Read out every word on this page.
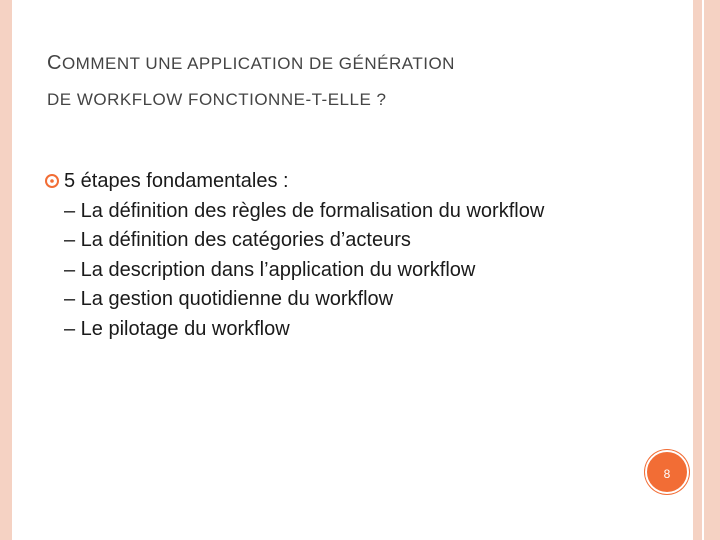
COMMENT UNE APPLICATION DE GÉNÉRATION
DE WORKFLOW FONCTIONNE-T-ELLE ?
5 étapes fondamentales :
– La définition des règles de formalisation du workflow
– La définition des catégories d’acteurs
– La description dans l’application du workflow
– La gestion quotidienne du workflow
– Le pilotage du workflow
8
